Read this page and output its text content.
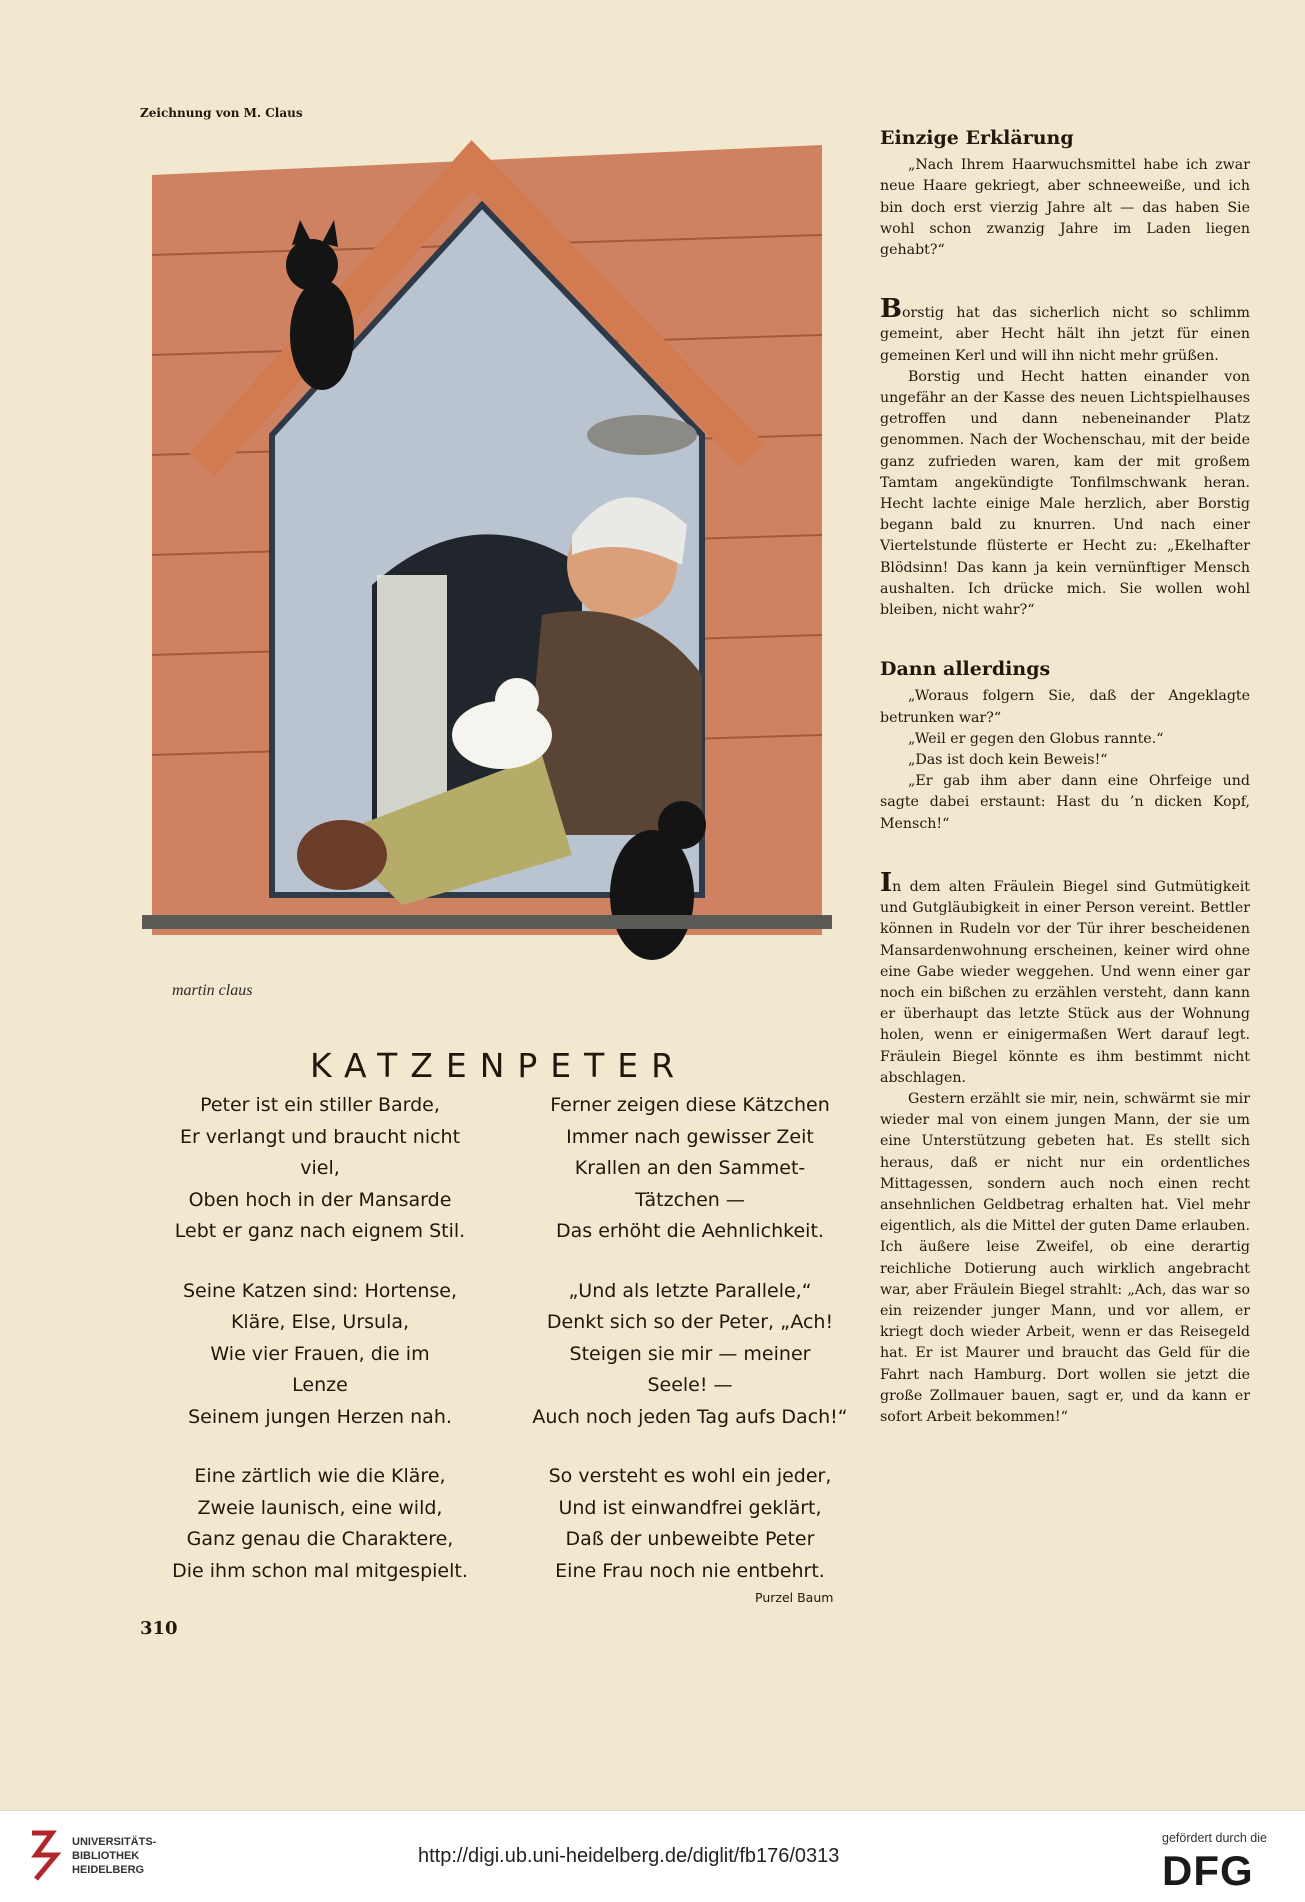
Zeichnung von M. Claus
martin claus
Einzige Erklärung

„Nach Ihrem Haarwuchsmittel habe ich zwar neue Haare gekriegt, aber schneeweiße, und ich bin doch erst vierzig Jahre alt — das haben Sie wohl schon zwanzig Jahre im Laden liegen gehabt?“

Borstig hat das sicherlich nicht so schlimm gemeint, aber Hecht hält ihn jetzt für einen gemeinen Kerl und will ihn nicht mehr grüßen.

Borstig und Hecht hatten einander von ungefähr an der Kasse des neuen Lichtspielhauses getroffen und dann nebeneinander Platz genommen. Nach der Wochenschau, mit der beide ganz zufrieden waren, kam der mit großem Tamtam angekündigte Tonfilmschwank heran. Hecht lachte einige Male herzlich, aber Borstig begann bald zu knurren. Und nach einer Viertelstunde flüsterte er Hecht zu: „Ekelhafter Blödsinn! Das kann ja kein vernünftiger Mensch aushalten. Ich drücke mich. Sie wollen wohl bleiben, nicht wahr?“

Dann allerdings

„Woraus folgern Sie, daß der Angeklagte betrunken war?“

„Weil er gegen den Globus rannte.“

„Das ist doch kein Beweis!“

„Er gab ihm aber dann eine Ohrfeige und sagte dabei erstaunt: Hast du ’n dicken Kopf, Mensch!“

In dem alten Fräulein Biegel sind Gutmütigkeit und Gutgläubigkeit in einer Person vereint. Bettler können in Rudeln vor der Tür ihrer bescheidenen Mansardenwohnung erscheinen, keiner wird ohne eine Gabe wieder weggehen. Und wenn einer gar noch ein bißchen zu erzählen versteht, dann kann er überhaupt das letzte Stück aus der Wohnung holen, wenn er einigermaßen Wert darauf legt. Fräulein Biegel könnte es ihm bestimmt nicht abschlagen.

Gestern erzählt sie mir, nein, schwärmt sie mir wieder mal von einem jungen Mann, der sie um eine Unterstützung gebeten hat. Es stellt sich heraus, daß er nicht nur ein ordentliches Mittagessen, sondern auch noch einen recht ansehnlichen Geldbetrag erhalten hat. Viel mehr eigentlich, als die Mittel der guten Dame erlauben. Ich äußere leise Zweifel, ob eine derartig reichliche Dotierung auch wirklich angebracht war, aber Fräulein Biegel strahlt: „Ach, das war so ein reizender junger Mann, und vor allem, er kriegt doch wieder Arbeit, wenn er das Reisegeld hat. Er ist Maurer und braucht das Geld für die Fahrt nach Hamburg. Dort wollen sie jetzt die große Zollmauer bauen, sagt er, und da kann er sofort Arbeit bekommen!“

KATZENPETER
Peter ist ein stiller Barde,
Er verlangt und braucht nicht
viel,
Oben hoch in der Mansarde
Lebt er ganz nach eignem Stil.
Seine Katzen sind: Hortense,
Kläre, Else, Ursula,
Wie vier Frauen, die im
Lenze
Seinem jungen Herzen nah.
Eine zärtlich wie die Kläre,
Zweie launisch, eine wild,
Ganz genau die Charaktere,
Die ihm schon mal mitgespielt.
Ferner zeigen diese Kätzchen
Immer nach gewisser Zeit
Krallen an den Sammet-
Tätzchen —
Das erhöht die Aehnlichkeit.
„Und als letzte Parallele,“
Denkt sich so der Peter, „Ach!
Steigen sie mir — meiner
Seele! —
Auch noch jeden Tag aufs Dach!“
So versteht es wohl ein jeder,
Und ist einwandfrei geklärt,
Daß der unbeweibte Peter
Eine Frau noch nie entbehrt.
Purzel Baum
310
UNIVERSITÄTS-
BIBLIOTHEK
HEIDELBERG
http://digi.ub.uni-heidelberg.de/diglit/fb176/0313
gefördert durch die
DFG
